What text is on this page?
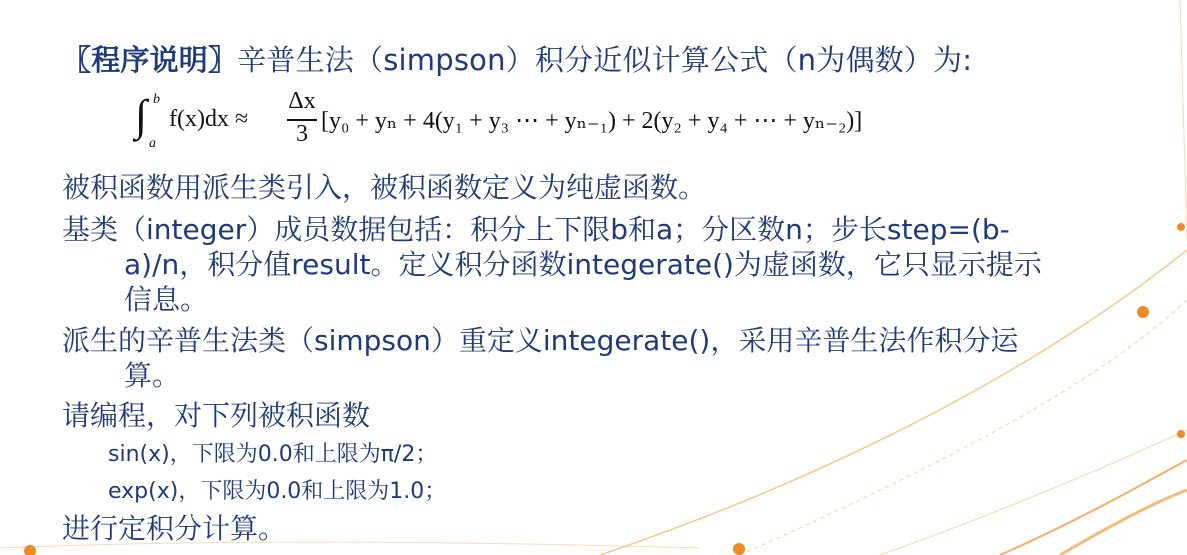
〖程序说明〗辛普生法（simpson）积分近似计算公式（n为偶数）为:
∫ b
a
f(x)dx ≈
Δx
3 [y₀ + yₙ + 4(y₁ + y₃ ⋯ + yₙ₋₁) + 2(y₂ + y₄ + ⋯ + yₙ₋₂)]
被积函数用派生类引入，被积函数定义为纯虚函数。
基类（integer）成员数据包括：积分上下限b和a；分区数n；步长step=(b-
a)/n，积分值result。定义积分函数integerate()为虚函数，它只显示提示
信息。
派生的辛普生法类（simpson）重定义integerate()，采用辛普生法作积分运
算。
请编程，对下列被积函数
sin(x)，下限为0.0和上限为π/2；
exp(x)，下限为0.0和上限为1.0；
进行定积分计算。
